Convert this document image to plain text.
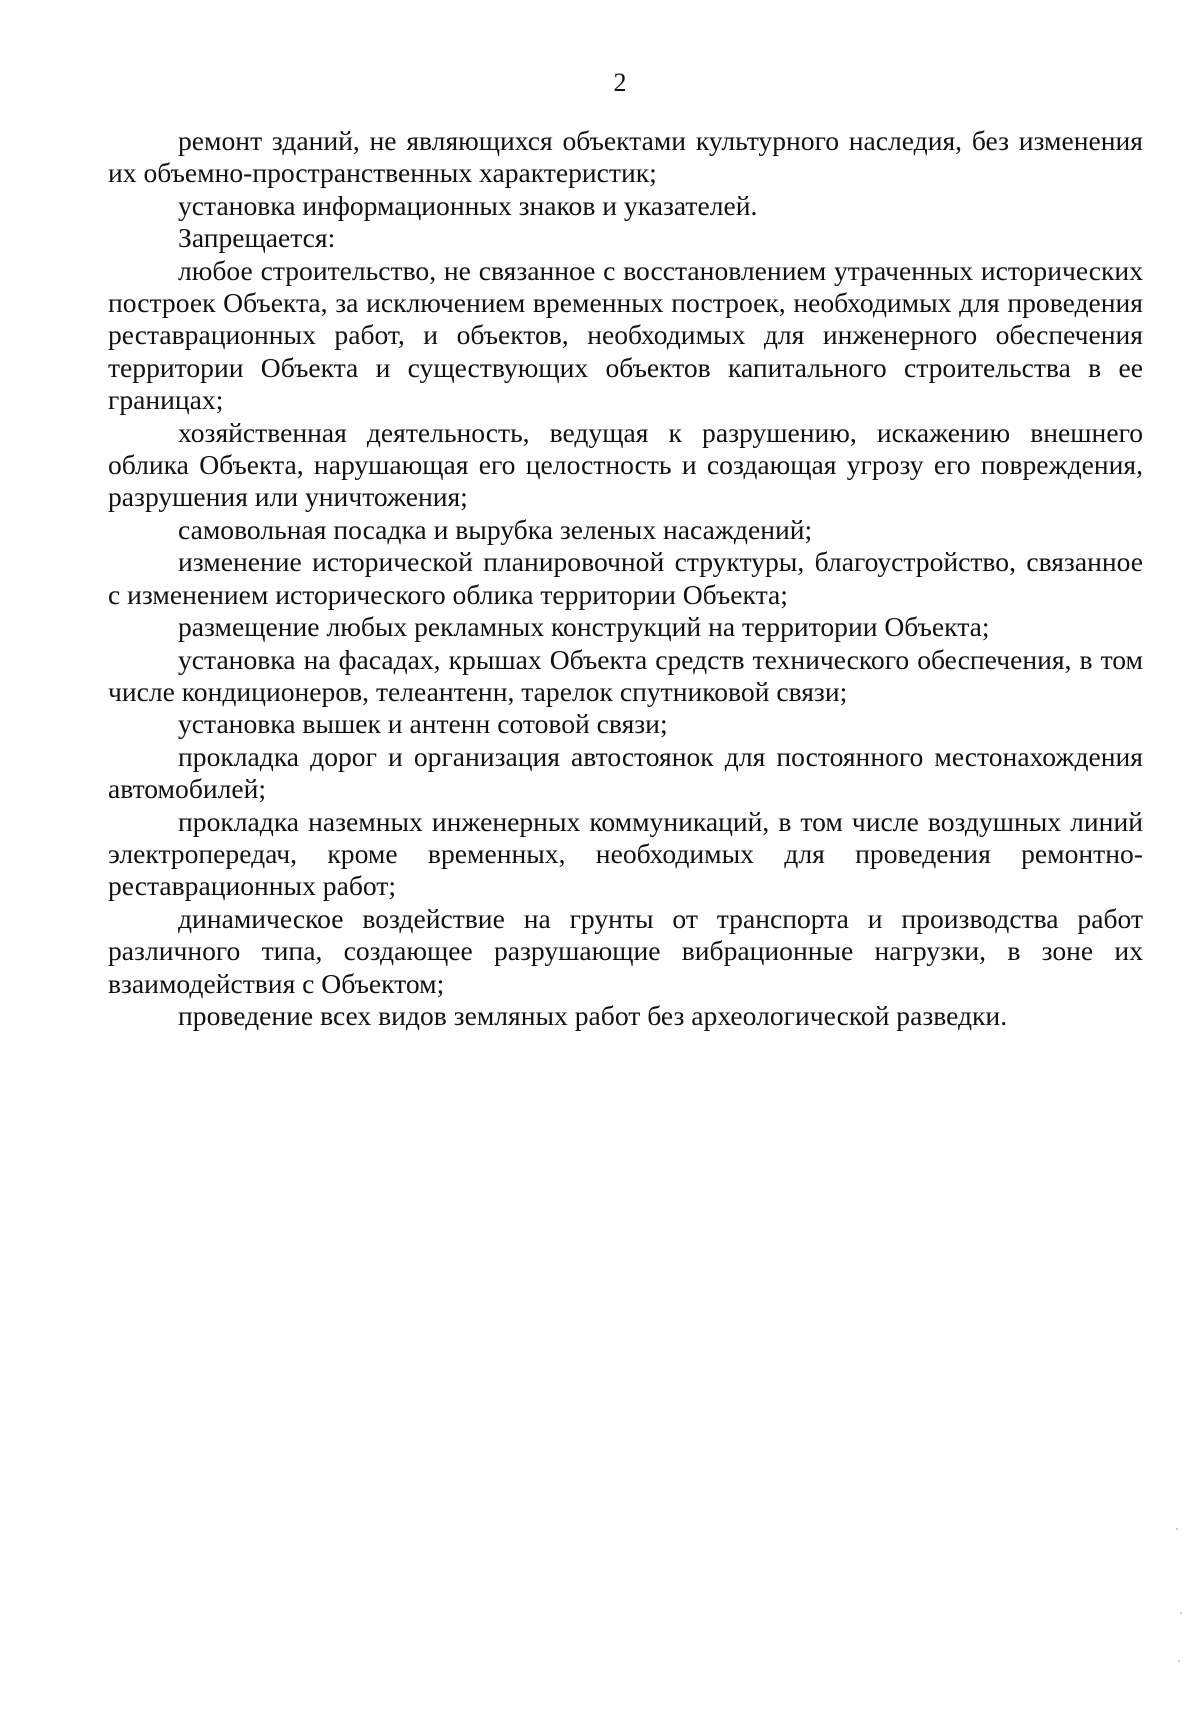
2

ремонт зданий, не являющихся объектами культурного наследия, без изменения их объемно-пространственных характеристик;

установка информационных знаков и указателей.

Запрещается:

любое строительство, не связанное с восстановлением утраченных исторических построек Объекта, за исключением временных построек, необходимых для проведения реставрационных работ, и объектов, необходимых для инженерного обеспечения территории Объекта и существующих объектов капитального строительства в ее границах;

хозяйственная деятельность, ведущая к разрушению, искажению внешнего облика Объекта, нарушающая его целостность и создающая угрозу его повреждения, разрушения или уничтожения;

самовольная посадка и вырубка зеленых насаждений;

изменение исторической планировочной структуры, благоустройство, связанное с изменением исторического облика территории Объекта;

размещение любых рекламных конструкций на территории Объекта;

установка на фасадах, крышах Объекта средств технического обеспечения, в том числе кондиционеров, телеантенн, тарелок спутниковой связи;

установка вышек и антенн сотовой связи;

прокладка дорог и организация автостоянок для постоянного местонахождения автомобилей;

прокладка наземных инженерных коммуникаций, в том числе воздушных линий электропередач, кроме временных, необходимых для проведения ремонтно-реставрационных работ;

динамическое воздействие на грунты от транспорта и производства работ различного типа, создающее разрушающие вибрационные нагрузки, в зоне их взаимодействия с Объектом;

проведение всех видов земляных работ без археологической разведки.
